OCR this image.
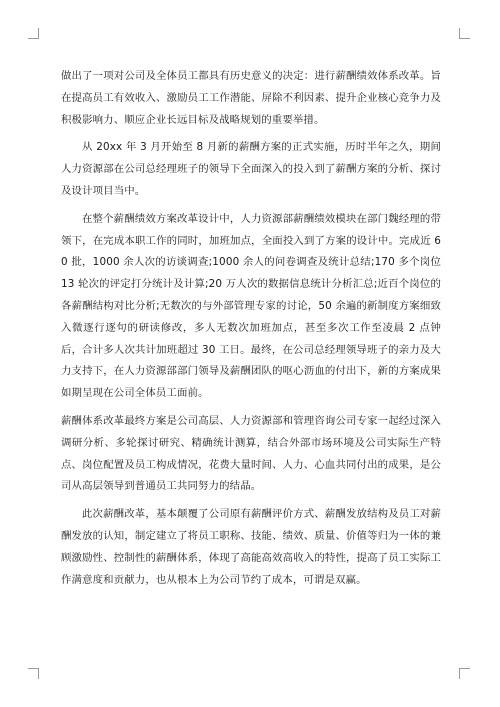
做出了一项对公司及全体员工都具有历史意义的决定：进行薪酬绩效体系改革。旨在提高员工有效收入、激励员工工作潜能、屏除不利因素、提升企业核心竞争力及积极影响力、顺应企业长远目标及战略规划的重要举措。

从 20xx 年 3 月开始至 8 月新的薪酬方案的正式实施，历时半年之久，期间人力资源部在公司总经理班子的领导下全面深入的投入到了薪酬方案的分析、探讨及设计项目当中。

在整个薪酬绩效方案改革设计中，人力资源部薪酬绩效模块在部门魏经理的带领下，在完成本职工作的同时，加班加点，全面投入到了方案的设计中。完成近 60 批，1000 余人次的访谈调查;1000 余人的问卷调查及统计总结;170 多个岗位 13 轮次的评定打分统计及计算;20 万人次的数据信息统计分析汇总;近百个岗位的各薪酬结构对比分析;无数次的与外部管理专家的讨论，50 余遍的新制度方案细致入微逐行逐句的研读修改，多人无数次加班加点，甚至多次工作至凌晨 2 点钟后，合计多人次共计加班超过 30 工日。最终，在公司总经理领导班子的亲力及大力支持下，在人力资源部部门领导及薪酬团队的呕心沥血的付出下，新的方案成果如期呈现在公司全体员工面前。

薪酬体系改革最终方案是公司高层、人力资源部和管理咨询公司专家一起经过深入调研分析、多轮探讨研究、精确统计测算，结合外部市场环境及公司实际生产特点、岗位配置及员工构成情况，花费大量时间、人力、心血共同付出的成果，是公司从高层领导到普通员工共同努力的结晶。

此次薪酬改革，基本颠覆了公司原有薪酬评价方式、薪酬发放结构及员工对薪酬发放的认知，制定建立了将员工职称、技能、绩效、质量、价值等归为一体的兼顾激励性、控制性的薪酬体系，体现了高能高效高收入的特性，提高了员工实际工作满意度和贡献力，也从根本上为公司节约了成本，可谓是双赢。
